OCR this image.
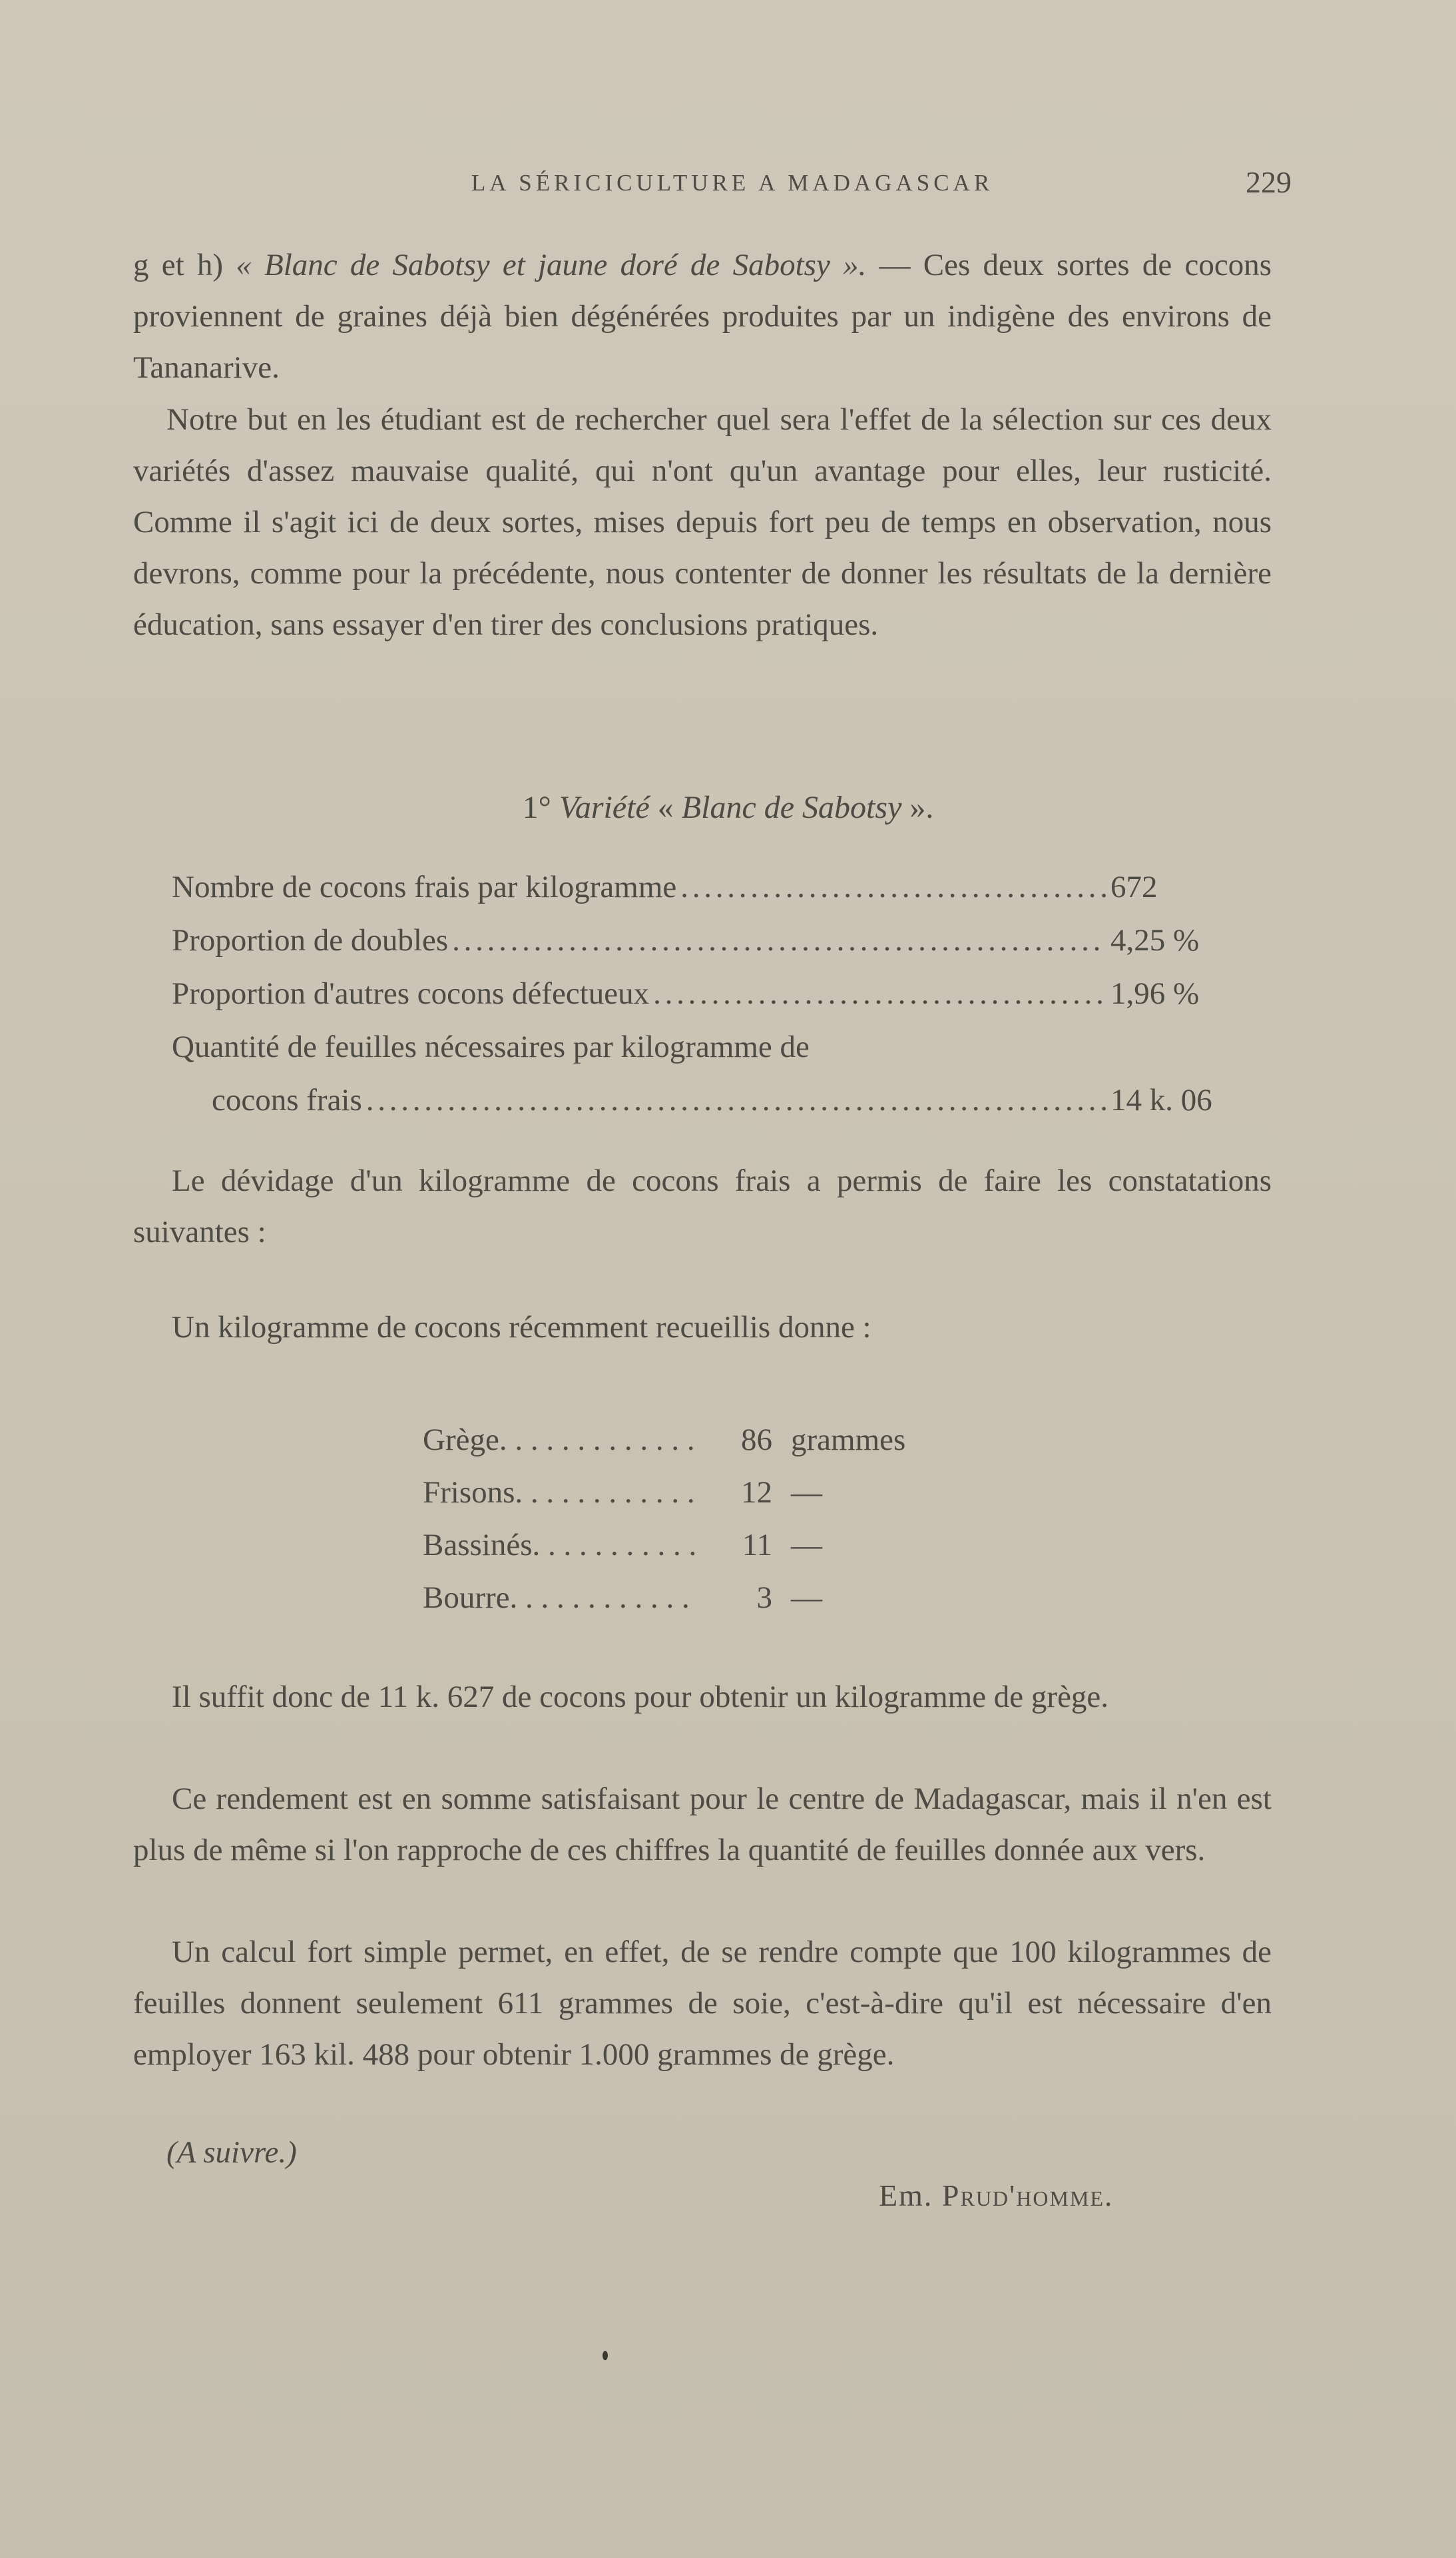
LA SÉRICICULTURE A MADAGASCAR	229

g et h) « Blanc de Sabotsy et jaune doré de Sabotsy ». — Ces deux sortes de cocons proviennent de graines déjà bien dégénérées produites par un indigène des environs de Tananarive.

Notre but en les étudiant est de rechercher quel sera l'effet de la sélection sur ces deux variétés d'assez mauvaise qualité, qui n'ont qu'un avantage pour elles, leur rusticité. Comme il s'agit ici de deux sortes, mises depuis fort peu de temps en observation, nous devrons, comme pour la précédente, nous contenter de donner les résultats de la dernière éducation, sans essayer d'en tirer des conclusions pratiques.

1° Variété « Blanc de Sabotsy ».
Nombre de cocons frais par kilogramme . . .	672
Proportion de doubles . . .	4,25 %
Proportion d'autres cocons défectueux . . .	1,96 %
Quantité de feuilles nécessaires par kilogramme de
cocons frais . . .	14 k. 06

Le dévidage d'un kilogramme de cocons frais a permis de faire les constatations suivantes :

Un kilogramme de cocons récemment recueillis donne :

Grège. . . . . . . . . . . . .	86 grammes
Frisons. . . . . . . . . . . .	12 —
Bassinés. . . . . . . . . . .	11 —
Bourre. . . . . . . . . . . .	3 —

Il suffit donc de 11 k. 627 de cocons pour obtenir un kilogramme de grège.

Ce rendement est en somme satisfaisant pour le centre de Madagascar, mais il n'en est plus de même si l'on rapproche de ces chiffres la quantité de feuilles donnée aux vers.

Un calcul fort simple permet, en effet, de se rendre compte que 100 kilogrammes de feuilles donnent seulement 611 grammes de soie, c'est-à-dire qu'il est nécessaire d'en employer 163 kil. 488 pour obtenir 1.000 grammes de grège.

(A suivre.)
Em. Prud'homme.
